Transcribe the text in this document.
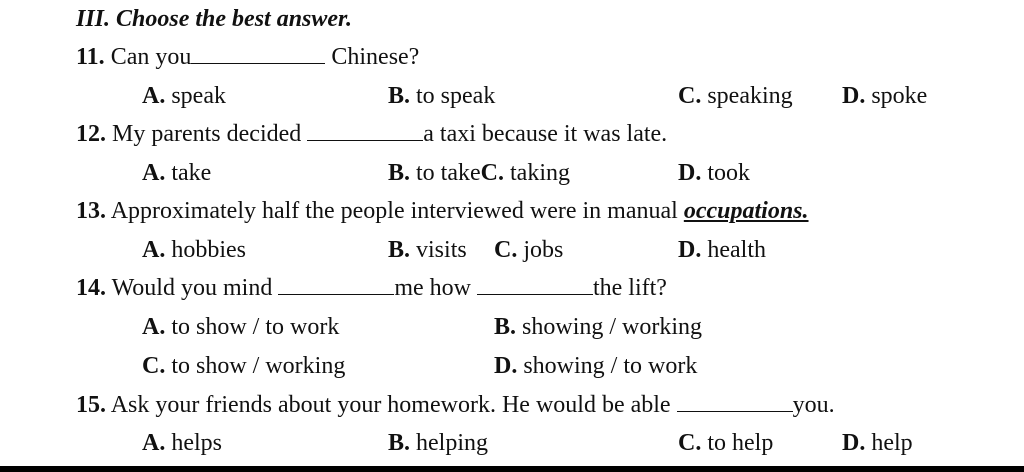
III. Choose the best answer.
11. Can you	Chinese?
A. speak	B. to speak	C. speaking D. spoke
12. My parents decided	a taxi because it was late.
A. take	B. to takeC. taking	D. took
13. Approximately half the people interviewed were in manual occupations.
A. hobbies	B. visits C. jobs	D. health
14. Would you mind	me how	the lift?
A. to show / to work	B. showing / working
C. to show / working	D. showing / to work
15. Ask your friends about your homework. He would be able	you.
A. helps	B. helping	C. to help	D. help
